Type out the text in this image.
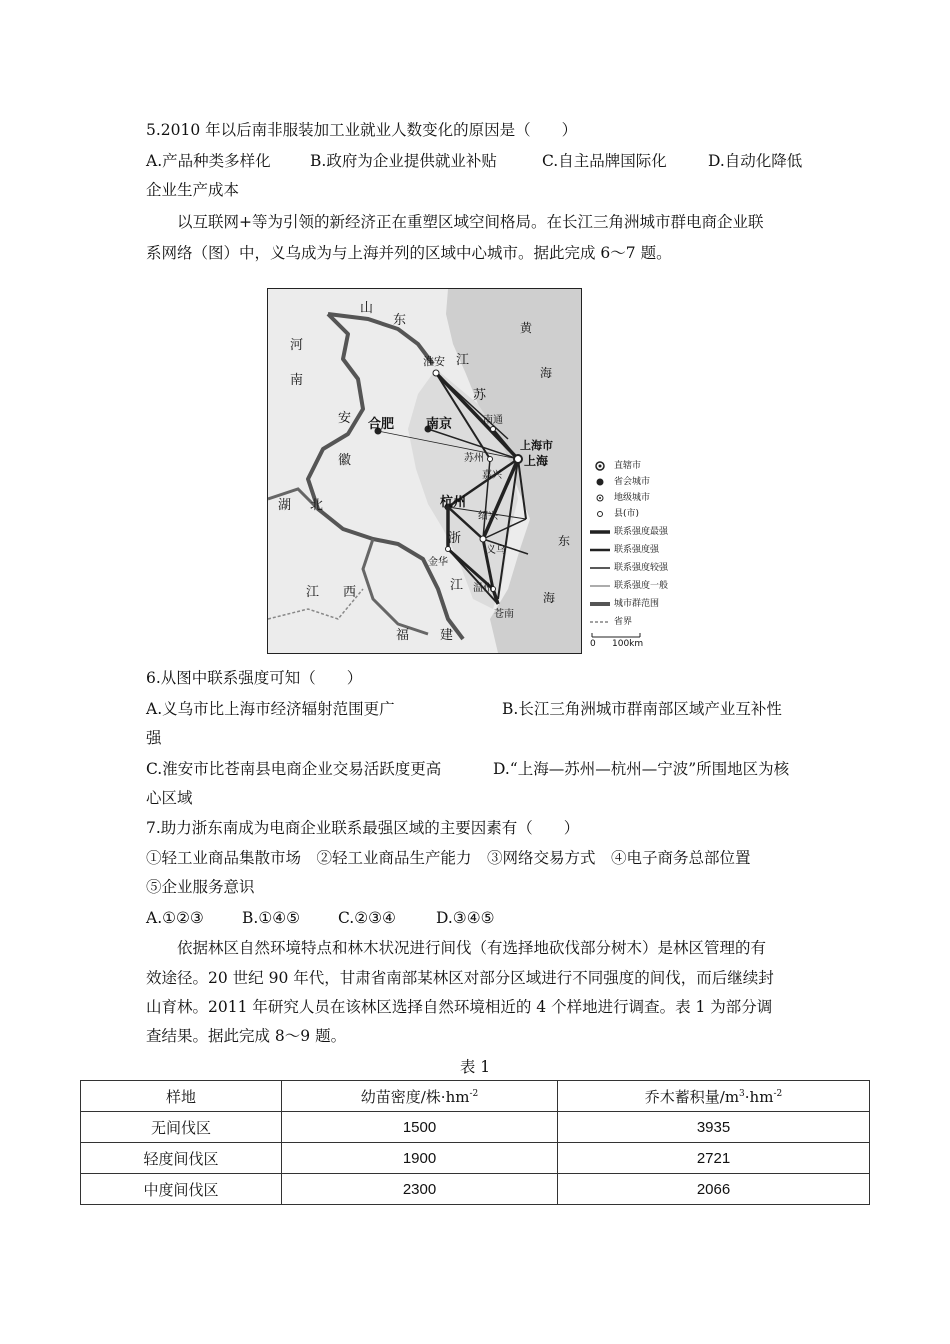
5.2010 年以后南非服装加工业就业人数变化的原因是（　　）
A.产品种类多样化	B.政府为企业提供就业补贴	C.自主品牌国际化	D.自动化降低
企业生产成本
以互联网+等为引领的新经济正在重塑区域空间格局。在长江三角洲城市群电商企业联
系网络（图）中，义乌成为与上海并列的区域中心城市。据此完成 6～7 题。
山
东
河
南
安
徽
湖 北
江 西
福 建
江
苏
浙
江
黄
海
东
海
淮安
南京
合肥	南通
上海市
上海
苏州
嘉兴
杭州
绍兴
金华
义乌
温州
苍南
直辖市
省会城市
地级城市
县(市)
联系强度最强
联系强度强
联系强度较强
联系强度一般
城市群范围
省界
0 100km
6.从图中联系强度可知（　　）
A.义乌市比上海市经济辐射范围更广	B.长江三角洲城市群南部区域产业互补性
强
C.淮安市比苍南县电商企业交易活跃度更高	D.“上海—苏州—杭州—宁波”所围地区为核
心区域
7.助力浙东南成为电商企业联系最强区域的主要因素有（　　）
①轻工业商品集散市场　②轻工业商品生产能力　③网络交易方式　④电子商务总部位置
⑤企业服务意识
A.①②③ B.①④⑤ C.②③④	D.③④⑤
依据林区自然环境特点和林木状况进行间伐（有选择地砍伐部分树木）是林区管理的有
效途径。20 世纪 90 年代，甘肃省南部某林区对部分区域进行不同强度的间伐，而后继续封
山育林。2011 年研究人员在该林区选择自然环境相近的 4 个样地进行调查。表 1 为部分调
查结果。据此完成 8～9 题。
表 1
样地	幼苗密度/株$\cdot hm^{-2}$	乔木蓄积量$/m^3\cdot hm^{-2}$
无间伐区	1500	3935
轻度间伐区	1900	2721
中度间伐区	2300	2066
